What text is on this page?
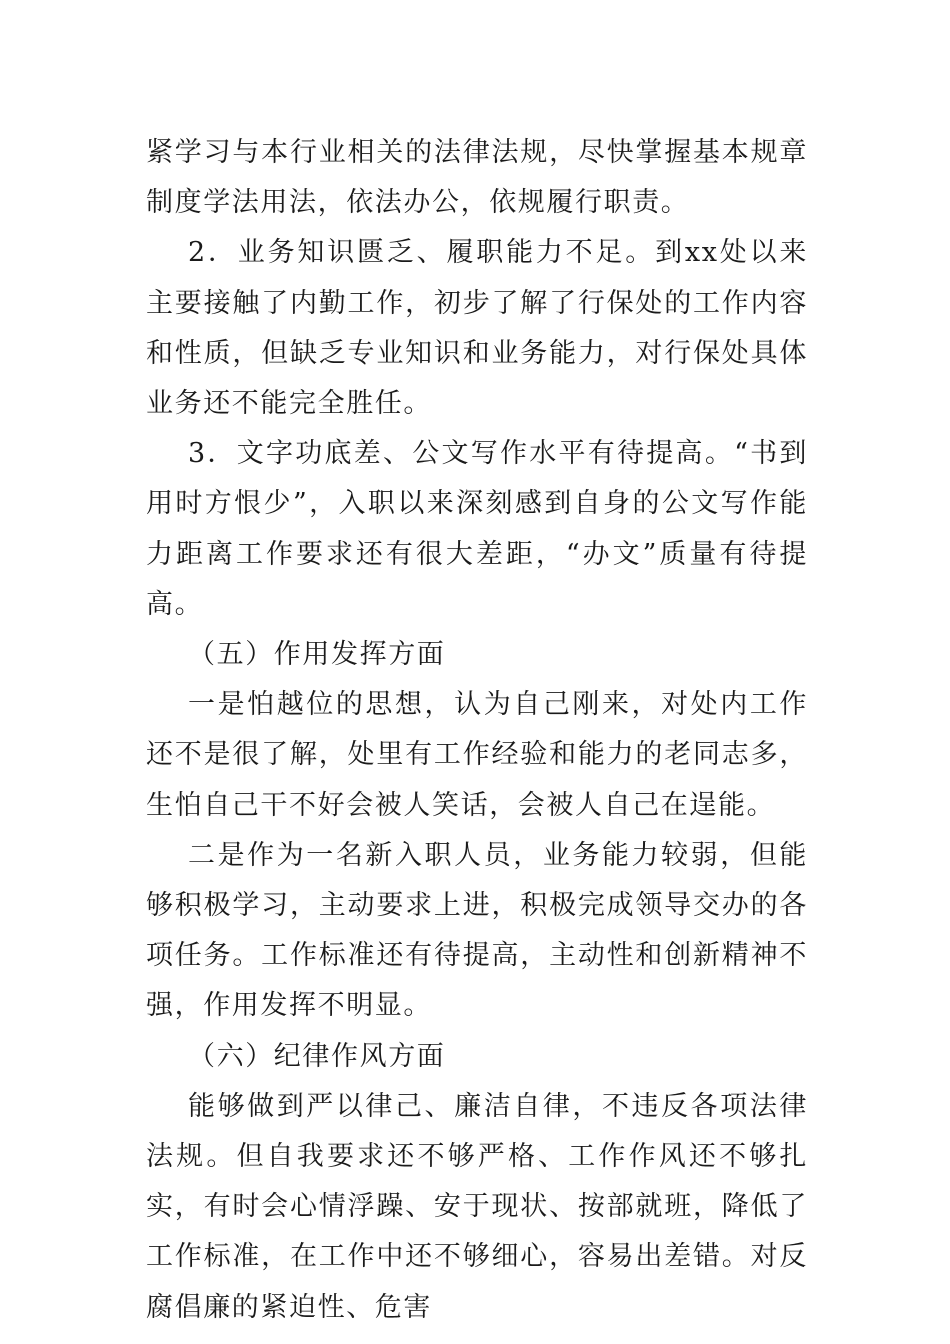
紧学习与本行业相关的法律法规，尽快掌握基本规章制度学法用法，依法办公，依规履行职责。

2．业务知识匮乏、履职能力不足。到xx处以来主要接触了内勤工作，初步了解了行保处的工作内容和性质，但缺乏专业知识和业务能力，对行保处具体业务还不能完全胜任。

3．文字功底差、公文写作水平有待提高。“书到用时方恨少”，入职以来深刻感到自身的公文写作能力距离工作要求还有很大差距，“办文”质量有待提高。

（五）作用发挥方面

一是怕越位的思想，认为自己刚来，对处内工作还不是很了解，处里有工作经验和能力的老同志多，生怕自己干不好会被人笑话，会被人自己在逞能。

二是作为一名新入职人员，业务能力较弱，但能够积极学习，主动要求上进，积极完成领导交办的各项任务。工作标准还有待提高，主动性和创新精神不强，作用发挥不明显。

（六）纪律作风方面

能够做到严以律己、廉洁自律，不违反各项法律法规。但自我要求还不够严格、工作作风还不够扎实，有时会心情浮躁、安于现状、按部就班，降低了工作标准，在工作中还不够细心，容易出差错。对反腐倡廉的紧迫性、危害
